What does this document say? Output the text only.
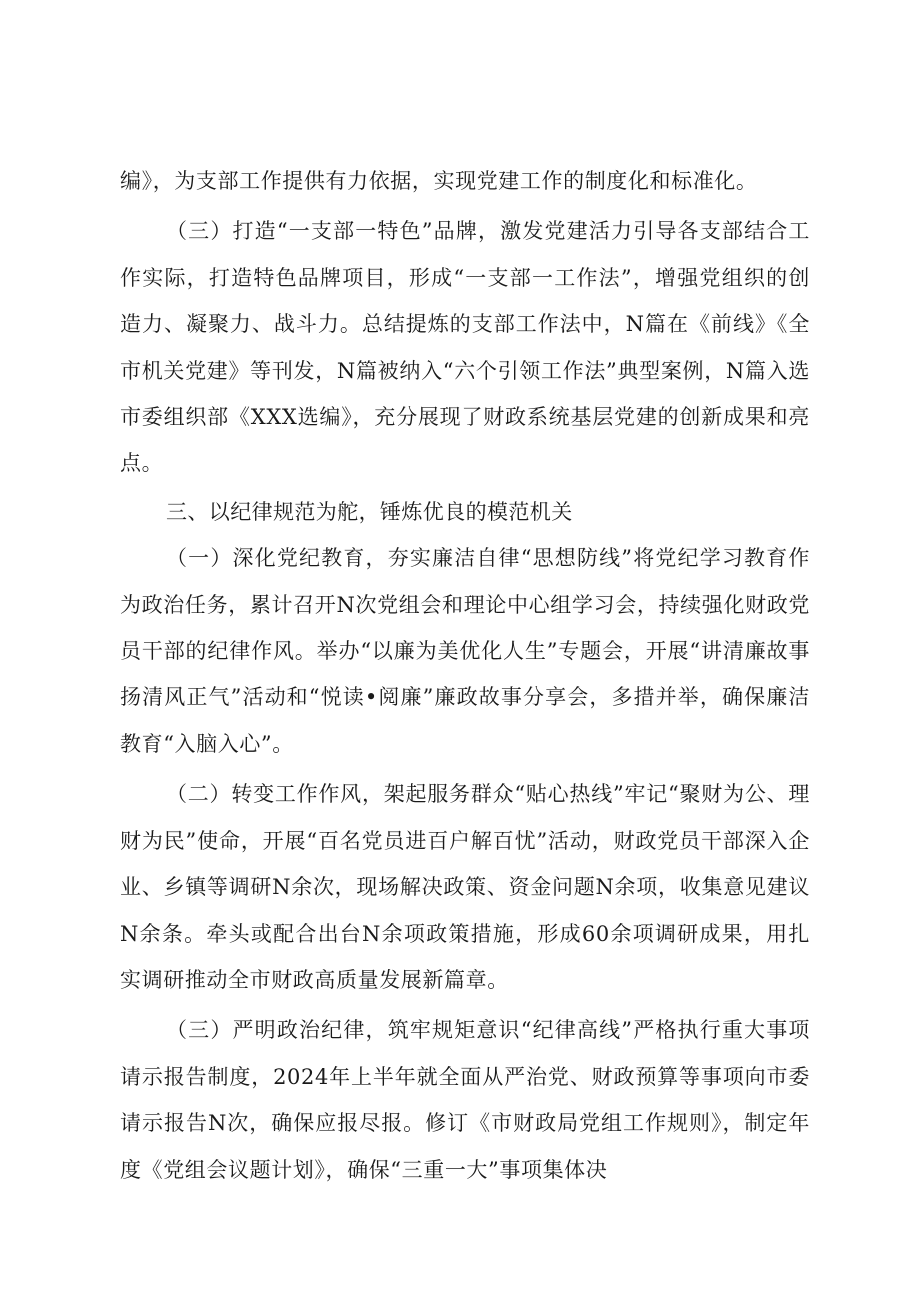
编》，为支部工作提供有力依据，实现党建工作的制度化和标准化。

（三）打造“一支部一特色”品牌，激发党建活力引导各支部结合工作实际，打造特色品牌项目，形成“一支部一工作法”，增强党组织的创造力、凝聚力、战斗力。总结提炼的支部工作法中，N篇在《前线》《全市机关党建》等刊发，N篇被纳入“六个引领工作法”典型案例，N篇入选市委组织部《XXX选编》，充分展现了财政系统基层党建的创新成果和亮点。

三、以纪律规范为舵，锤炼优良的模范机关

（一）深化党纪教育，夯实廉洁自律“思想防线”将党纪学习教育作为政治任务，累计召开N次党组会和理论中心组学习会，持续强化财政党员干部的纪律作风。举办“以廉为美优化人生”专题会，开展“讲清廉故事扬清风正气”活动和“悦读•阅廉”廉政故事分享会，多措并举，确保廉洁教育“入脑入心”。

（二）转变工作作风，架起服务群众“贴心热线”牢记“聚财为公、理财为民”使命，开展“百名党员进百户解百忧”活动，财政党员干部深入企业、乡镇等调研N余次，现场解决政策、资金问题N余项，收集意见建议N余条。牵头或配合出台N余项政策措施，形成60余项调研成果，用扎实调研推动全市财政高质量发展新篇章。

（三）严明政治纪律，筑牢规矩意识“纪律高线”严格执行重大事项请示报告制度，2024年上半年就全面从严治党、财政预算等事项向市委请示报告N次，确保应报尽报。修订《市财政局党组工作规则》，制定年度《党组会议题计划》，确保“三重一大”事项集体决
